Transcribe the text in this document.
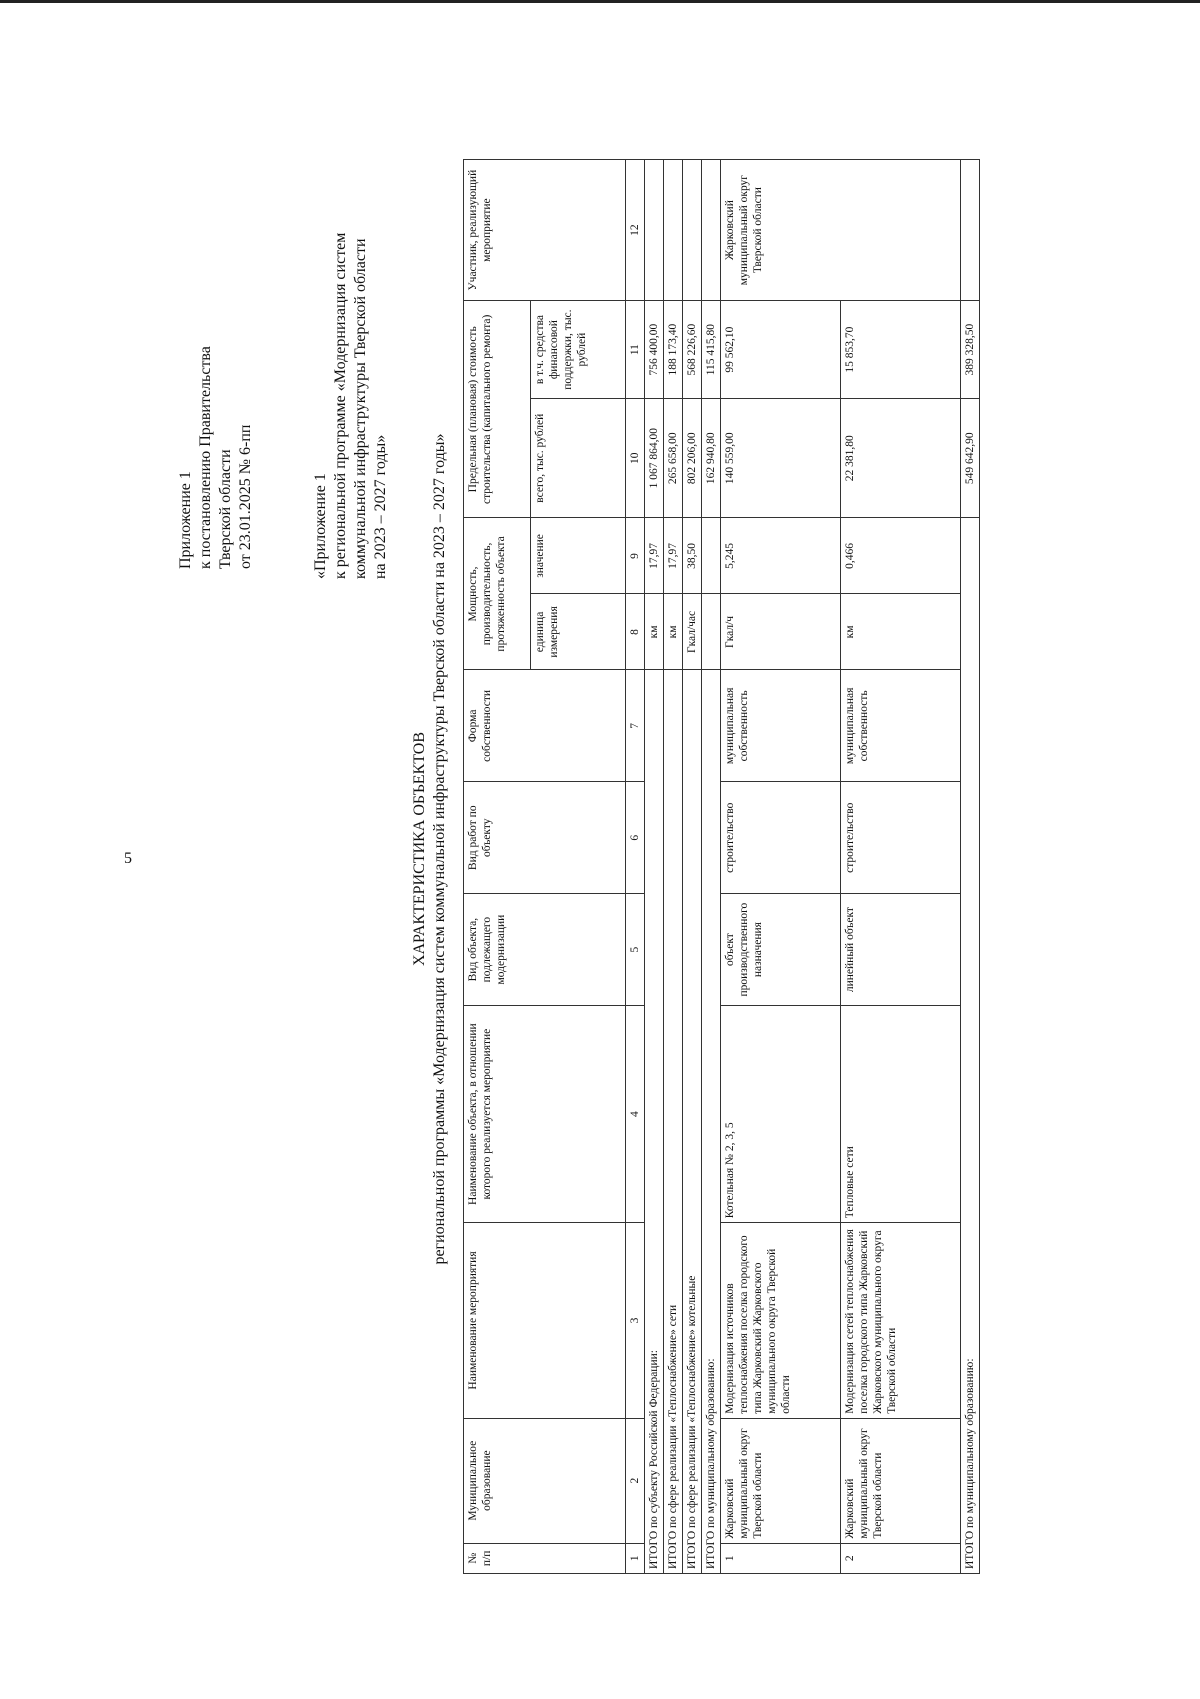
5
Приложение 1 к постановлению Правительства Тверской области от 23.01.2025 № 6-пп	«Приложение 1 к региональной программе «Модернизация систем коммунальной инфраструктуры Тверской области на 2023 – 2027 годы»
ХАРАКТЕРИСТИКА ОБЪЕКТОВ региональной программы «Модернизация систем коммунальной инфраструктуры Тверской области на 2023 – 2027 годы»
№ п/п	Муниципальное образование	Наименование мероприятия	Наименование объекта, в отношении которого реализуется мероприятие	Вид объекта, подлежащего модернизации	Вид работ по объекту	Форма собственности	Мощность, производительность, протяженность объекта		Предельная (плановая) стоимость строительства (капитального ремонта)		Участник, реализующий мероприятие
							единица измерения	значение	всего, тыс. рублей	в т.ч. средства финансовой поддержки, тыс. рублей	
1	2	3	4	5	6	7	8	9	10	11	12
ИТОГО по субъекту Российской Федерации:							км	17,97	1 067 864,00	756 400,00	
ИТОГО по сфере реализации «Теплоснабжение» сети							км	17,97	265 658,00	188 173,40	
ИТОГО по сфере реализации «Теплоснабжение» котельные							Гкал/час	38,50	802 206,00	568 226,60	
ИТОГО по муниципальному образованию:									162 940,80	115 415,80	
1	Жарковский муниципальный округ Тверской области	Модернизация источников теплоснабжения поселка городского типа Жарковский Жарковского муниципального округа Тверской области	Котельная № 2, 3, 5	объект производственного назначения	строительство	муниципальная собственность	Гкал/ч	5,245	140 559,00	99 562,10	Жарковский муниципальный округ Тверской области
2	Жарковский муниципальный округ Тверской области	Модернизация сетей теплоснабжения поселка городского типа Жарковский Жарковского муниципального округа Тверской области	Тепловые сети	линейный объект	строительство	муниципальная собственность	км	0,466	22 381,80	15 853,70	
ИТОГО по муниципальному образованию:									549 642,90	389 328,50	
